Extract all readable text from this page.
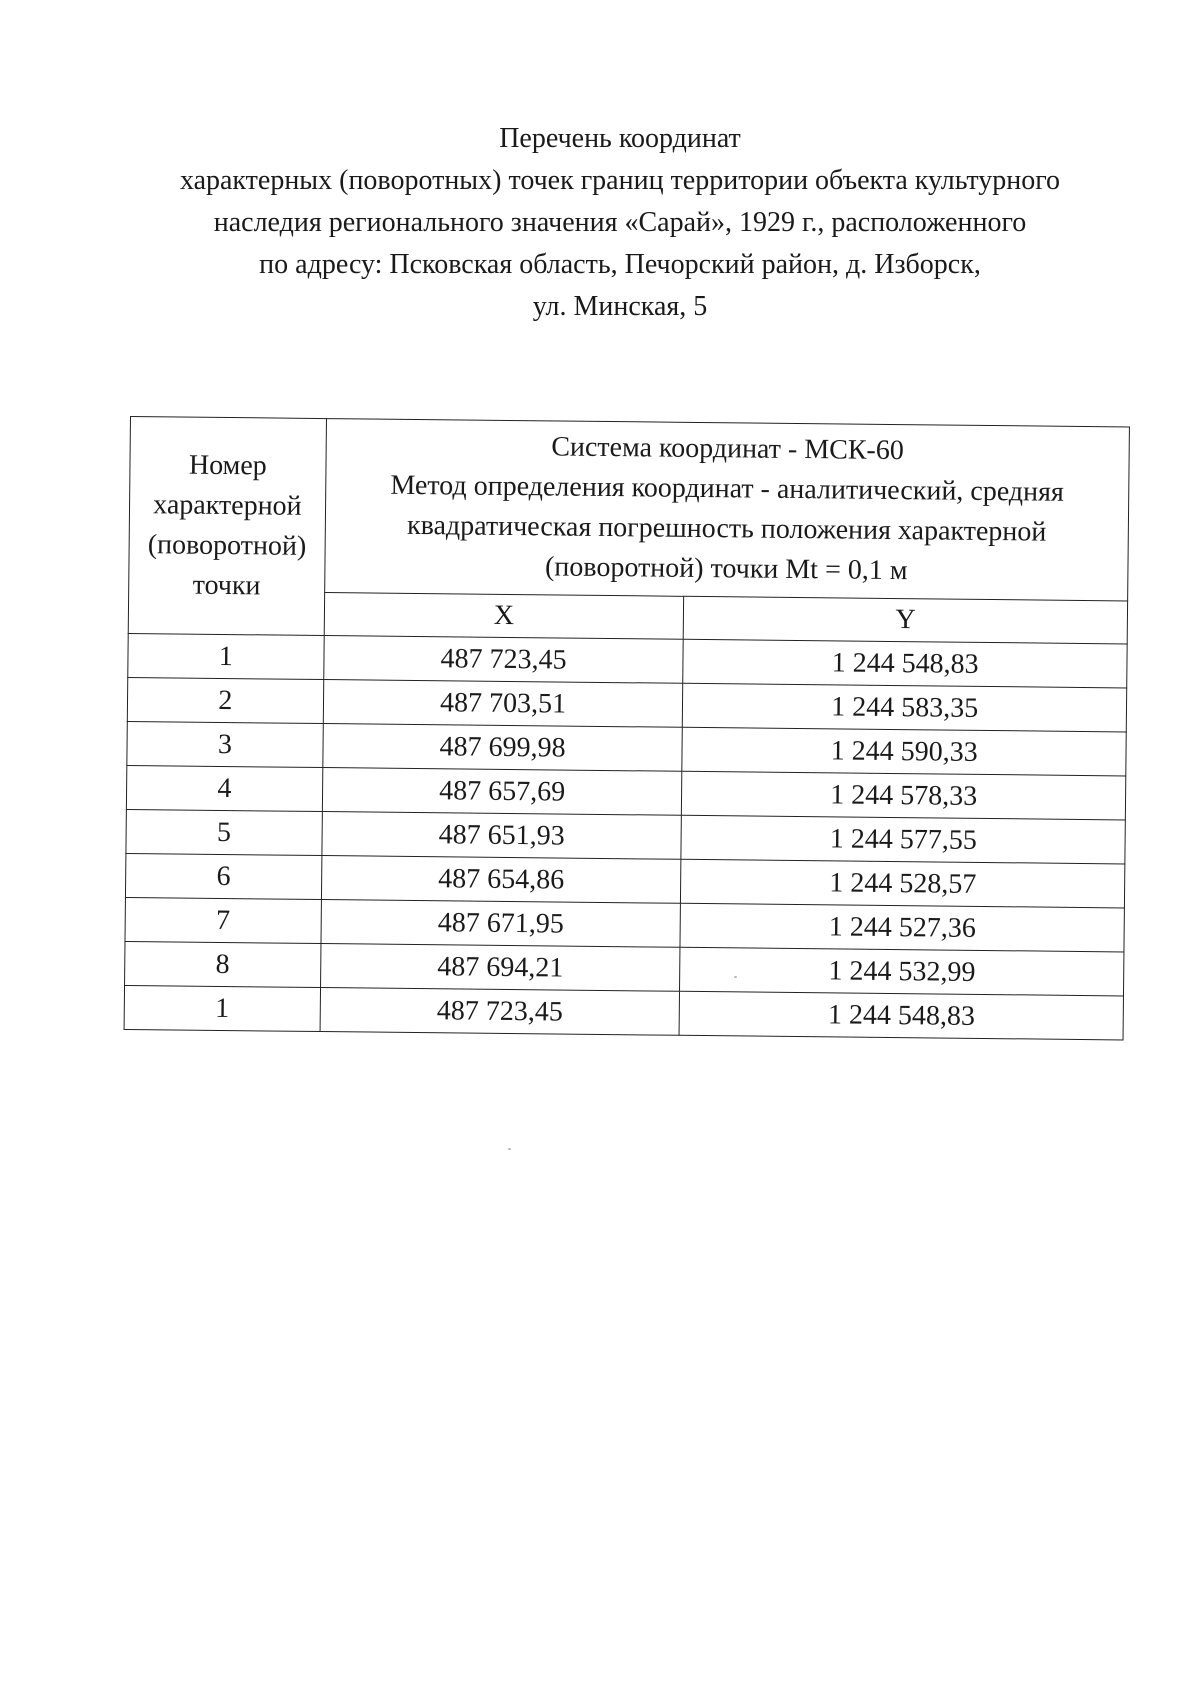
Перечень координат
характерных (поворотных) точек границ территории объекта культурного
наследия регионального значения «Сарай», 1929 г., расположенного
по адресу: Псковская область, Печорский район, д. Изборск,
ул. Минская, 5
Номер
характерной
(поворотной)
точки	Система координат - МСК-60
Метод определения координат - аналитический, средняя
квадратическая погрешность положения характерной
(поворотной) точки Mt = 0,1 м	

	X	Y
1	487 723,45	1 244 548,83
2	487 703,51	1 244 583,35
3	487 699,98	1 244 590,33
4	487 657,69	1 244 578,33
5	487 651,93	1 244 577,55
6	487 654,86	1 244 528,57
7	487 671,95	1 244 527,36
8	487 694,21	1 244 532,99
1	487 723,45	1 244 548,83
